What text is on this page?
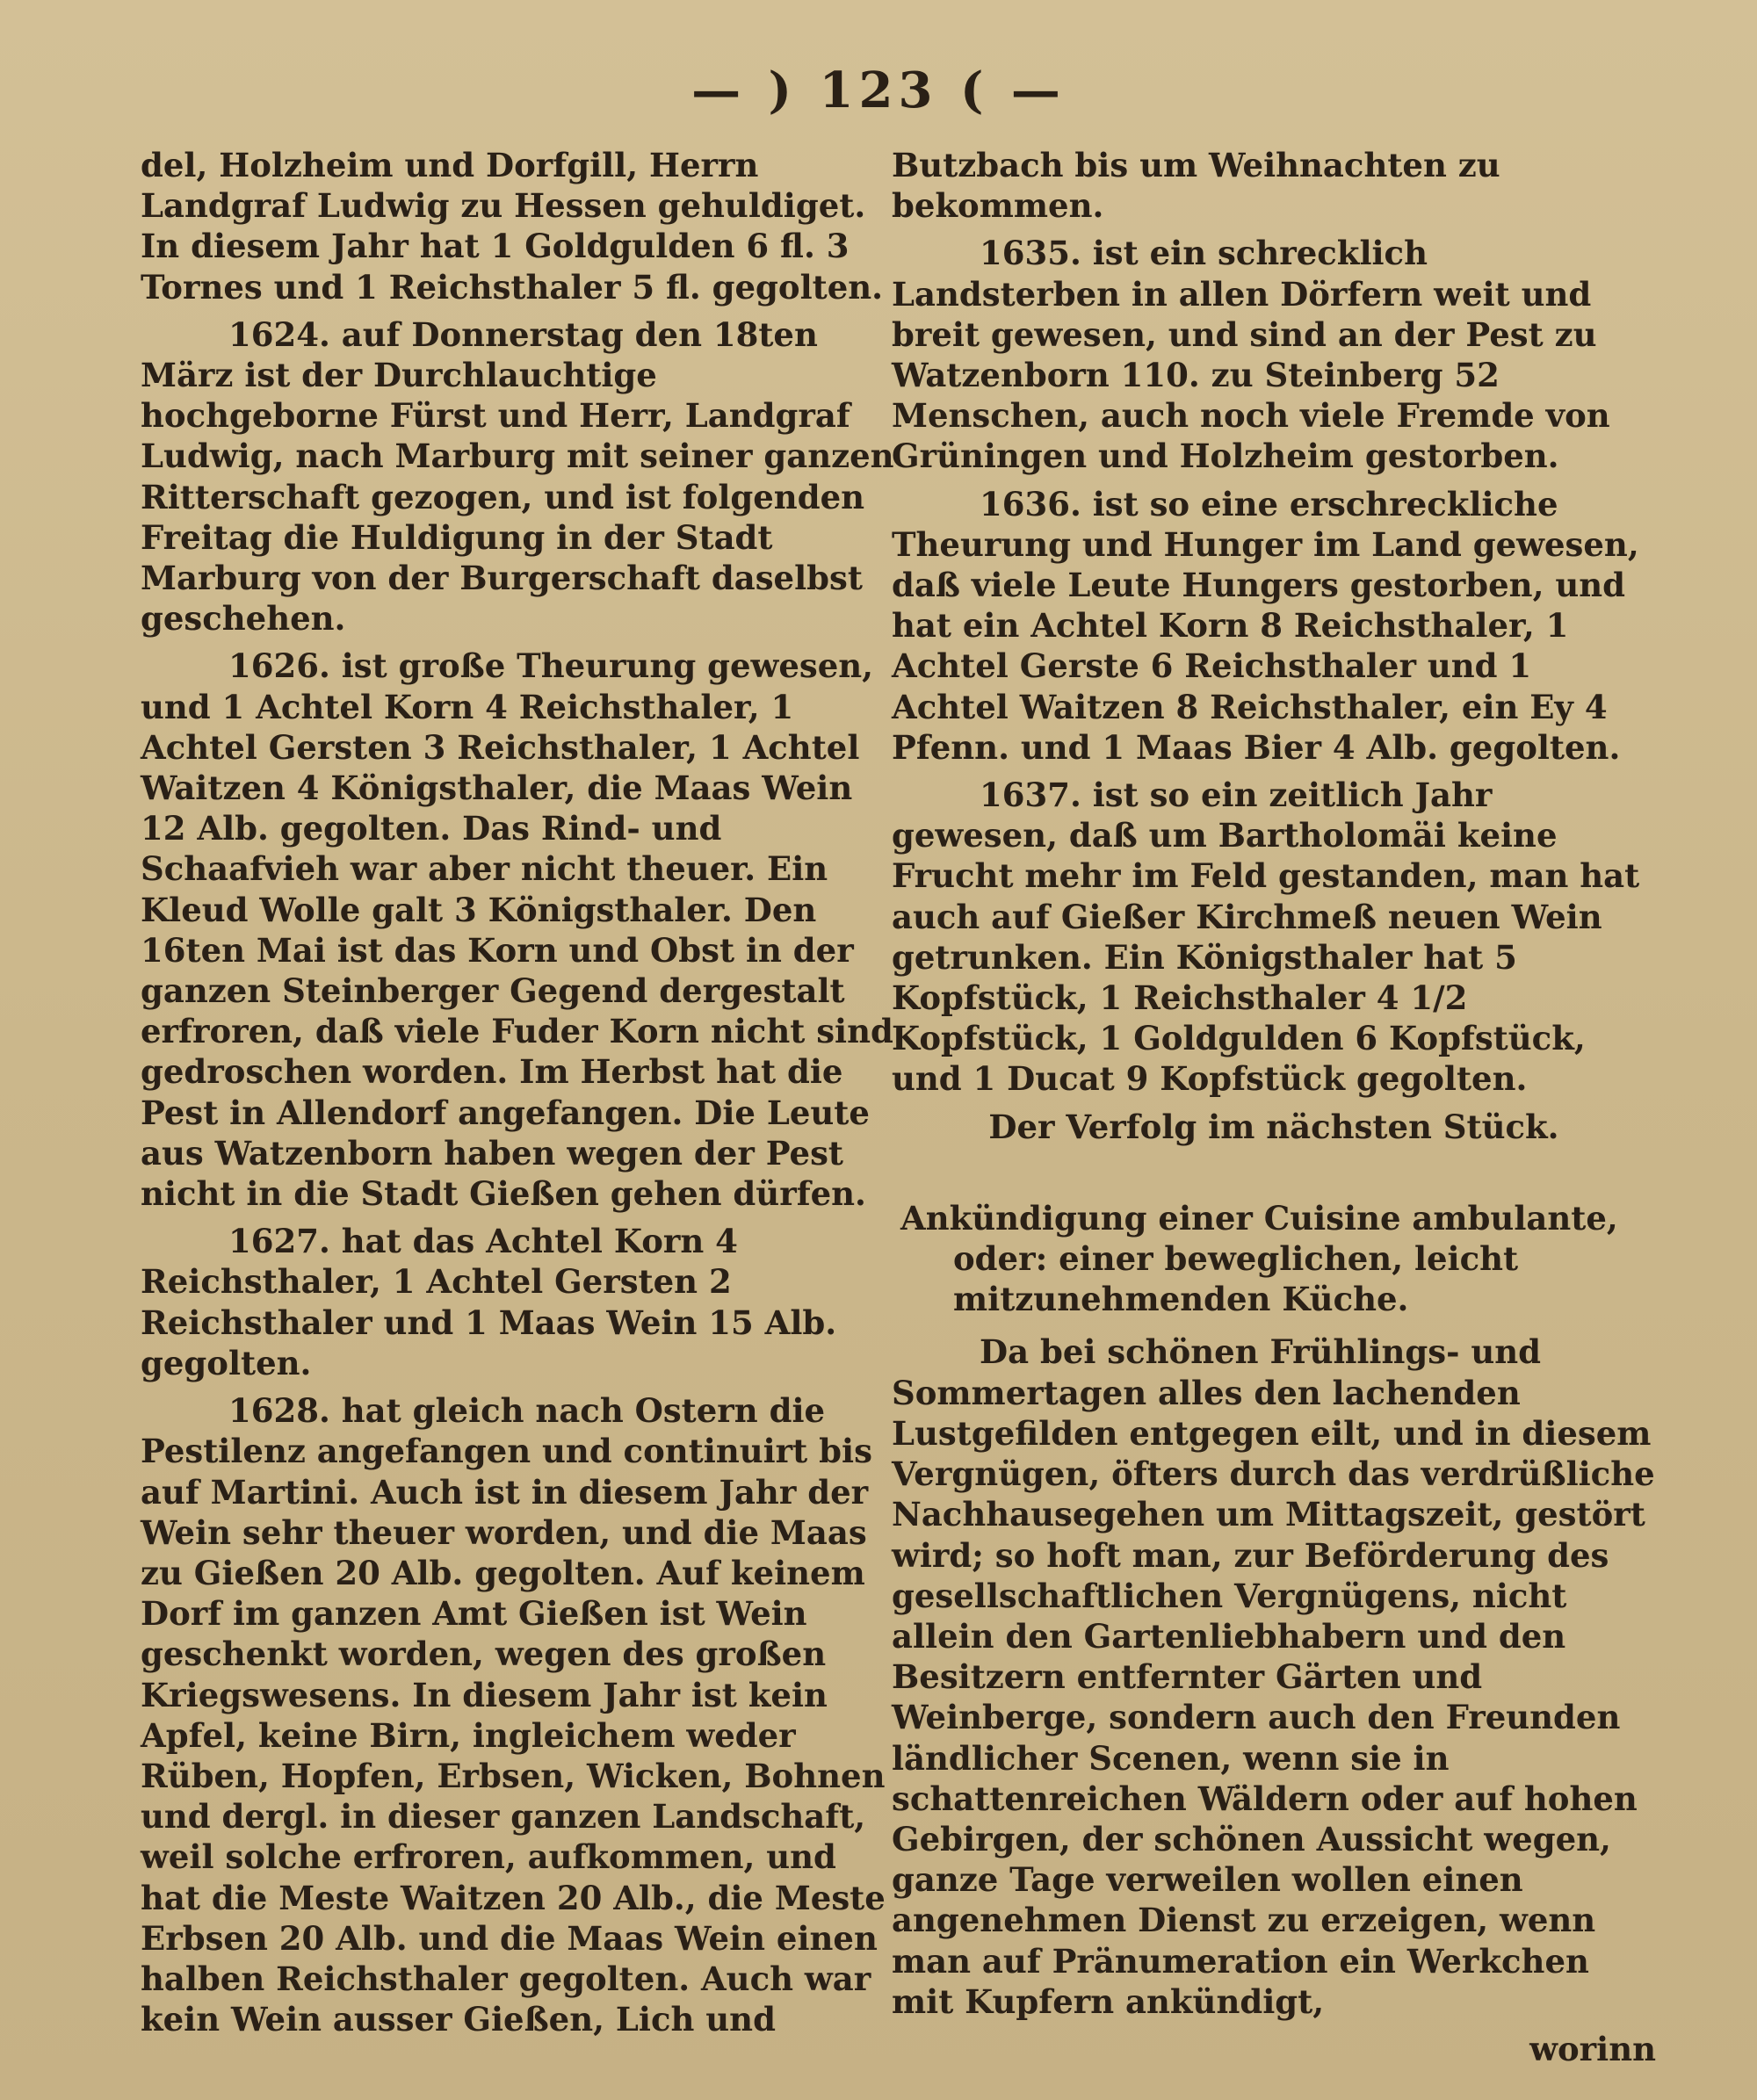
— ) 123 ( —

del, Holzheim und Dorfgill, Herrn Landgraf Ludwig zu Hessen gehuldiget. In diesem Jahr hat 1 Goldgulden 6 fl. 3 Tornes und 1 Reichsthaler 5 fl. gegolten.

1624. auf Donnerstag den 18ten März ist der Durchlauchtige hochgeborne Fürst und Herr, Landgraf Ludwig, nach Marburg mit seiner ganzen Ritterschaft gezogen, und ist folgenden Freitag die Huldigung in der Stadt Marburg von der Burgerschaft daselbst geschehen.

1626. ist große Theurung gewesen, und 1 Achtel Korn 4 Reichsthaler, 1 Achtel Gersten 3 Reichsthaler, 1 Achtel Waitzen 4 Königsthaler, die Maas Wein 12 Alb. gegolten. Das Rind- und Schaafvieh war aber nicht theuer. Ein Kleud Wolle galt 3 Königsthaler. Den 16ten Mai ist das Korn und Obst in der ganzen Steinberger Gegend dergestalt erfroren, daß viele Fuder Korn nicht sind gedroschen worden. Im Herbst hat die Pest in Allendorf angefangen. Die Leute aus Watzenborn haben wegen der Pest nicht in die Stadt Gießen gehen dürfen.

1627. hat das Achtel Korn 4 Reichsthaler, 1 Achtel Gersten 2 Reichsthaler und 1 Maas Wein 15 Alb. gegolten.

1628. hat gleich nach Ostern die Pestilenz angefangen und continuirt bis auf Martini. Auch ist in diesem Jahr der Wein sehr theuer worden, und die Maas zu Gießen 20 Alb. gegolten. Auf keinem Dorf im ganzen Amt Gießen ist Wein geschenkt worden, wegen des großen Kriegswesens. In diesem Jahr ist kein Apfel, keine Birn, ingleichem weder Rüben, Hopfen, Erbsen, Wicken, Bohnen und dergl. in dieser ganzen Landschaft, weil solche erfroren, aufkommen, und hat die Meste Waitzen 20 Alb., die Meste Erbsen 20 Alb. und die Maas Wein einen halben Reichsthaler gegolten. Auch war kein Wein ausser Gießen, Lich und

Butzbach bis um Weihnachten zu bekommen.

1635. ist ein schrecklich Landsterben in allen Dörfern weit und breit gewesen, und sind an der Pest zu Watzenborn 110. zu Steinberg 52 Menschen, auch noch viele Fremde von Grüningen und Holzheim gestorben.

1636. ist so eine erschreckliche Theurung und Hunger im Land gewesen, daß viele Leute Hungers gestorben, und hat ein Achtel Korn 8 Reichsthaler, 1 Achtel Gerste 6 Reichsthaler und 1 Achtel Waitzen 8 Reichsthaler, ein Ey 4 Pfenn. und 1 Maas Bier 4 Alb. gegolten.

1637. ist so ein zeitlich Jahr gewesen, daß um Bartholomäi keine Frucht mehr im Feld gestanden, man hat auch auf Gießer Kirchmeß neuen Wein getrunken. Ein Königsthaler hat 5 Kopfstück, 1 Reichsthaler 4 1/2 Kopfstück, 1 Goldgulden 6 Kopfstück, und 1 Ducat 9 Kopfstück gegolten.

Der Verfolg im nächsten Stück.

Ankündigung einer Cuisine ambulante, oder: einer beweglichen, leicht mitzunehmenden Küche.

Da bei schönen Frühlings- und Sommertagen alles den lachenden Lustgefilden entgegen eilt, und in diesem Vergnügen, öfters durch das verdrüßliche Nachhausegehen um Mittagszeit, gestört wird; so hoft man, zur Beförderung des gesellschaftlichen Vergnügens, nicht allein den Gartenliebhabern und den Besitzern entfernter Gärten und Weinberge, sondern auch den Freunden ländlicher Scenen, wenn sie in schattenreichen Wäldern oder auf hohen Gebirgen, der schönen Aussicht wegen, ganze Tage verweilen wollen einen angenehmen Dienst zu erzeigen, wenn man auf Pränumeration ein Werkchen mit Kupfern ankündigt,

worinn
